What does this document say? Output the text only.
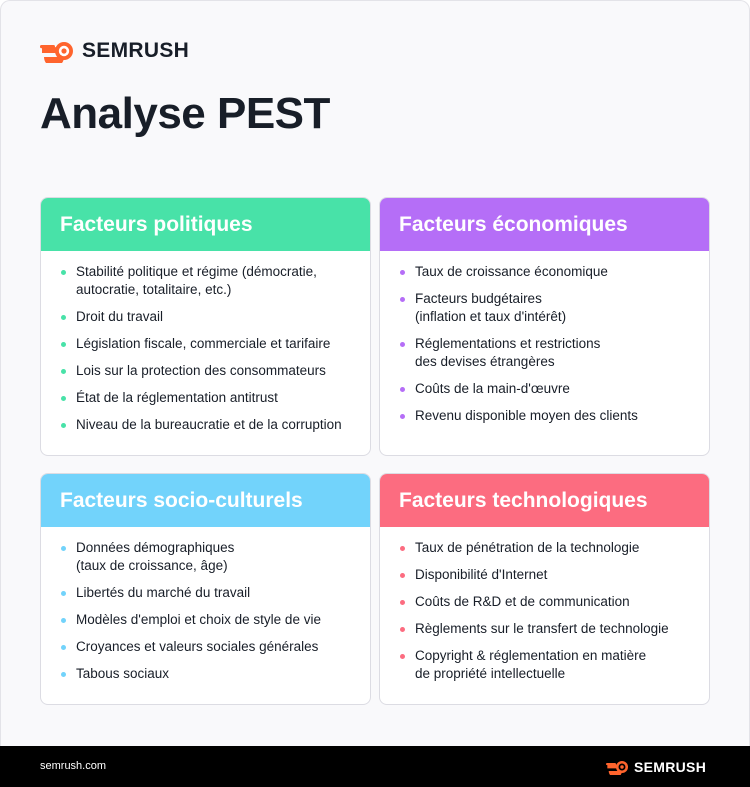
SEMRUSH
Analyse PEST
Facteurs politiques
Stabilité politique et régime (démocratie,
autocratie, totalitaire, etc.)
Droit du travail
Législation fiscale, commerciale et tarifaire
Lois sur la protection des consommateurs
État de la réglementation antitrust
Niveau de la bureaucratie et de la corruption
Facteurs économiques
Taux de croissance économique
Facteurs budgétaires
(inflation et taux d'intérêt)
Réglementations et restrictions
des devises étrangères
Coûts de la main-d'œuvre
Revenu disponible moyen des clients
Facteurs socio-culturels
Données démographiques
(taux de croissance, âge)
Libertés du marché du travail
Modèles d'emploi et choix de style de vie
Croyances et valeurs sociales générales
Tabous sociaux
Facteurs technologiques
Taux de pénétration de la technologie
Disponibilité d'Internet
Coûts de R&D et de communication
Règlements sur le transfert de technologie
Copyright & réglementation en matière
de propriété intellectuelle
semrush.com	SEMRUSH
